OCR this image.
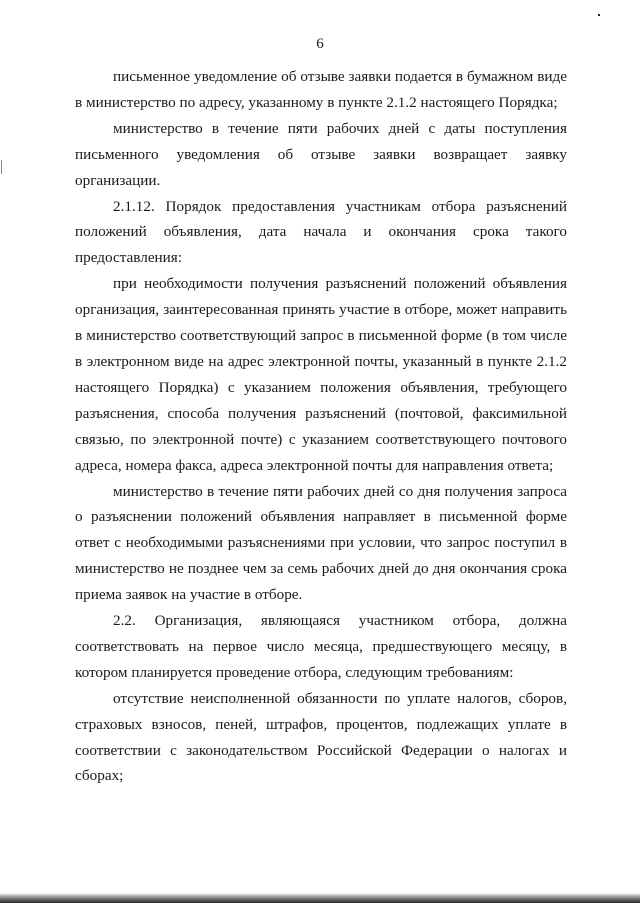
6

письменное уведомление об отзыве заявки подается в бумажном виде в министерство по адресу, указанному в пункте 2.1.2 настоящего Порядка;

министерство в течение пяти рабочих дней с даты поступления письменного уведомления об отзыве заявки возвращает заявку организации.

2.1.12. Порядок предоставления участникам отбора разъяснений положений объявления, дата начала и окончания срока такого предоставления:

при необходимости получения разъяснений положений объявления организация, заинтересованная принять участие в отборе, может направить в министерство соответствующий запрос в письменной форме (в том числе в электронном виде на адрес электронной почты, указанный в пункте 2.1.2 настоящего Порядка) с указанием положения объявления, требующего разъяснения, способа получения разъяснений (почтовой, факсимильной связью, по электронной почте) с указанием соответствующего почтового адреса, номера факса, адреса электронной почты для направления ответа;

министерство в течение пяти рабочих дней со дня получения запроса о разъяснении положений объявления направляет в письменной форме ответ с необходимыми разъяснениями при условии, что запрос поступил в министерство не позднее чем за семь рабочих дней до дня окончания срока приема заявок на участие в отборе.

2.2. Организация, являющаяся участником отбора, должна соответствовать на первое число месяца, предшествующего месяцу, в котором планируется проведение отбора, следующим требованиям:

отсутствие неисполненной обязанности по уплате налогов, сборов, страховых взносов, пеней, штрафов, процентов, подлежащих уплате в соответствии с законодательством Российской Федерации о налогах и сборах;
